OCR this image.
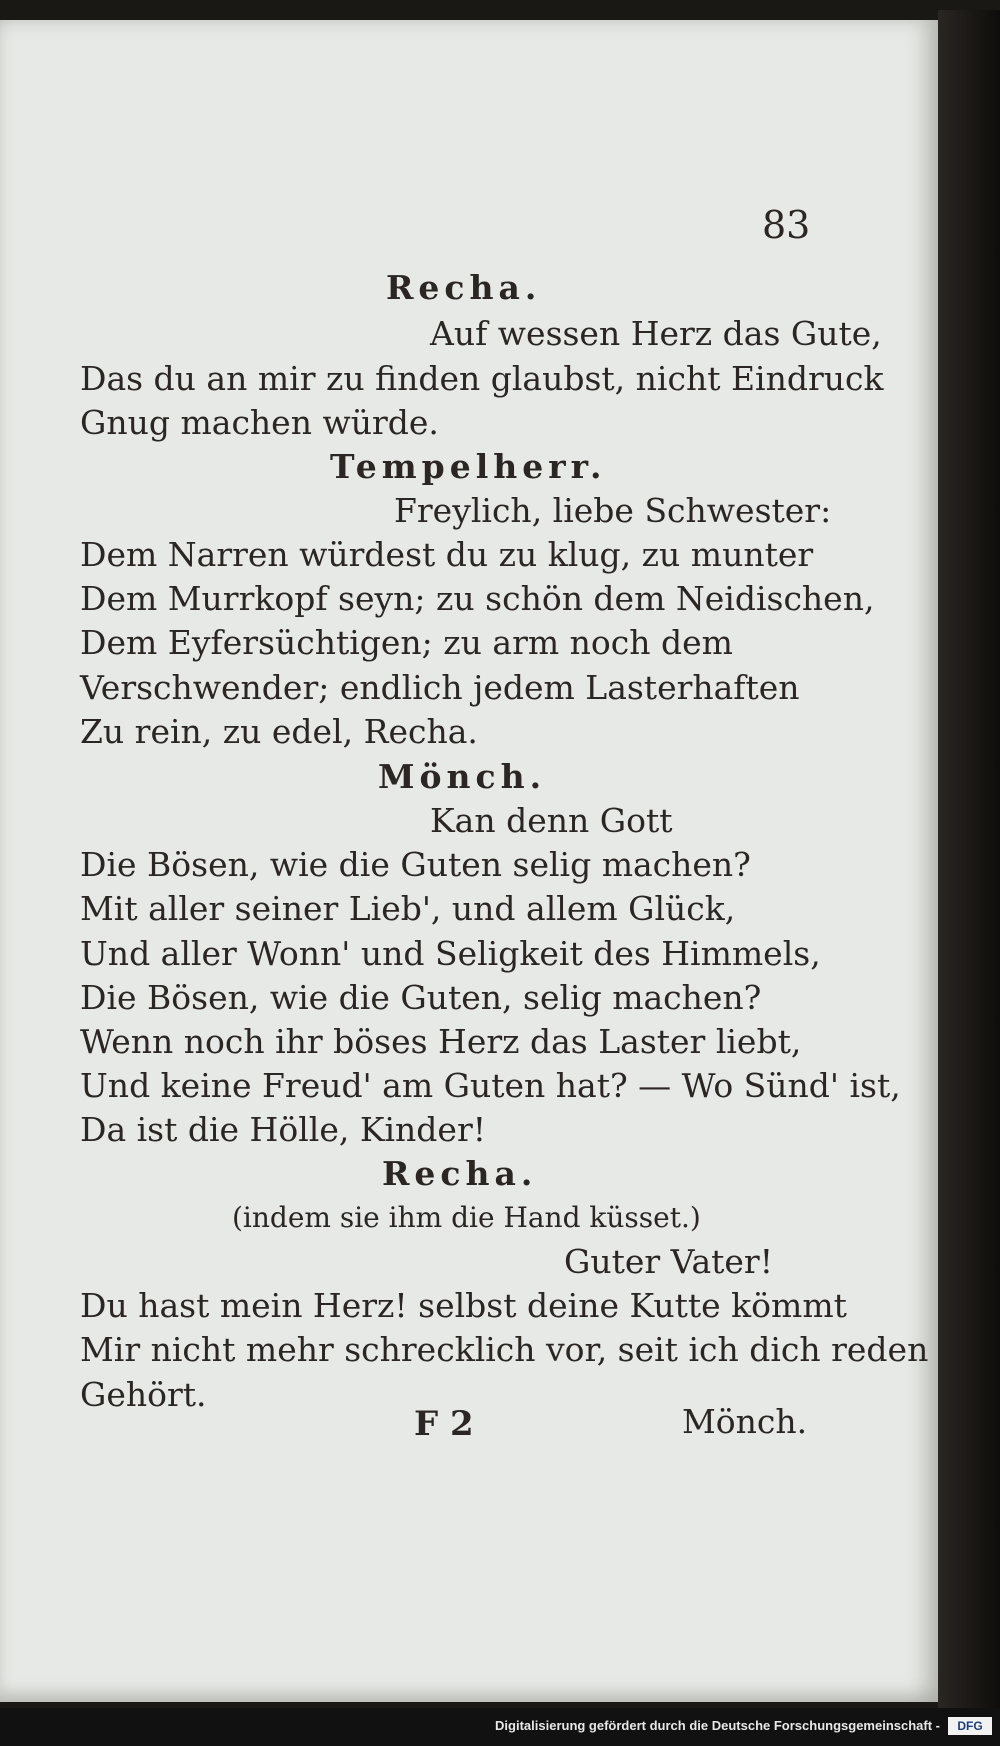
83
Recha.
Auf wessen Herz das Gute,
Das du an mir zu finden glaubst, nicht Eindruck
Gnug machen würde.
Tempelherr.
Freylich, liebe Schwester:
Dem Narren würdest du zu klug, zu munter
Dem Murrkopf seyn; zu schön dem Neidischen,
Dem Eyfersüchtigen; zu arm noch dem
Verschwender; endlich jedem Lasterhaften
Zu rein, zu edel, Recha.
Mönch.
Kan denn Gott
Die Bösen, wie die Guten selig machen?
Mit aller seiner Lieb', und allem Glück,
Und aller Wonn' und Seligkeit des Himmels,
Die Bösen, wie die Guten, selig machen?
Wenn noch ihr böses Herz das Laster liebt,
Und keine Freud' am Guten hat? — Wo Sünd' ist,
Da ist die Hölle, Kinder!
Recha.
(indem sie ihm die Hand küsset.)
Guter Vater!
Du hast mein Herz! selbst deine Kutte kömmt
Mir nicht mehr schrecklich vor, seit ich dich reden
Gehört.
F 2	Mönch.
Digitalisierung gefördert durch die Deutsche Forschungsgemeinschaft -	DFG
